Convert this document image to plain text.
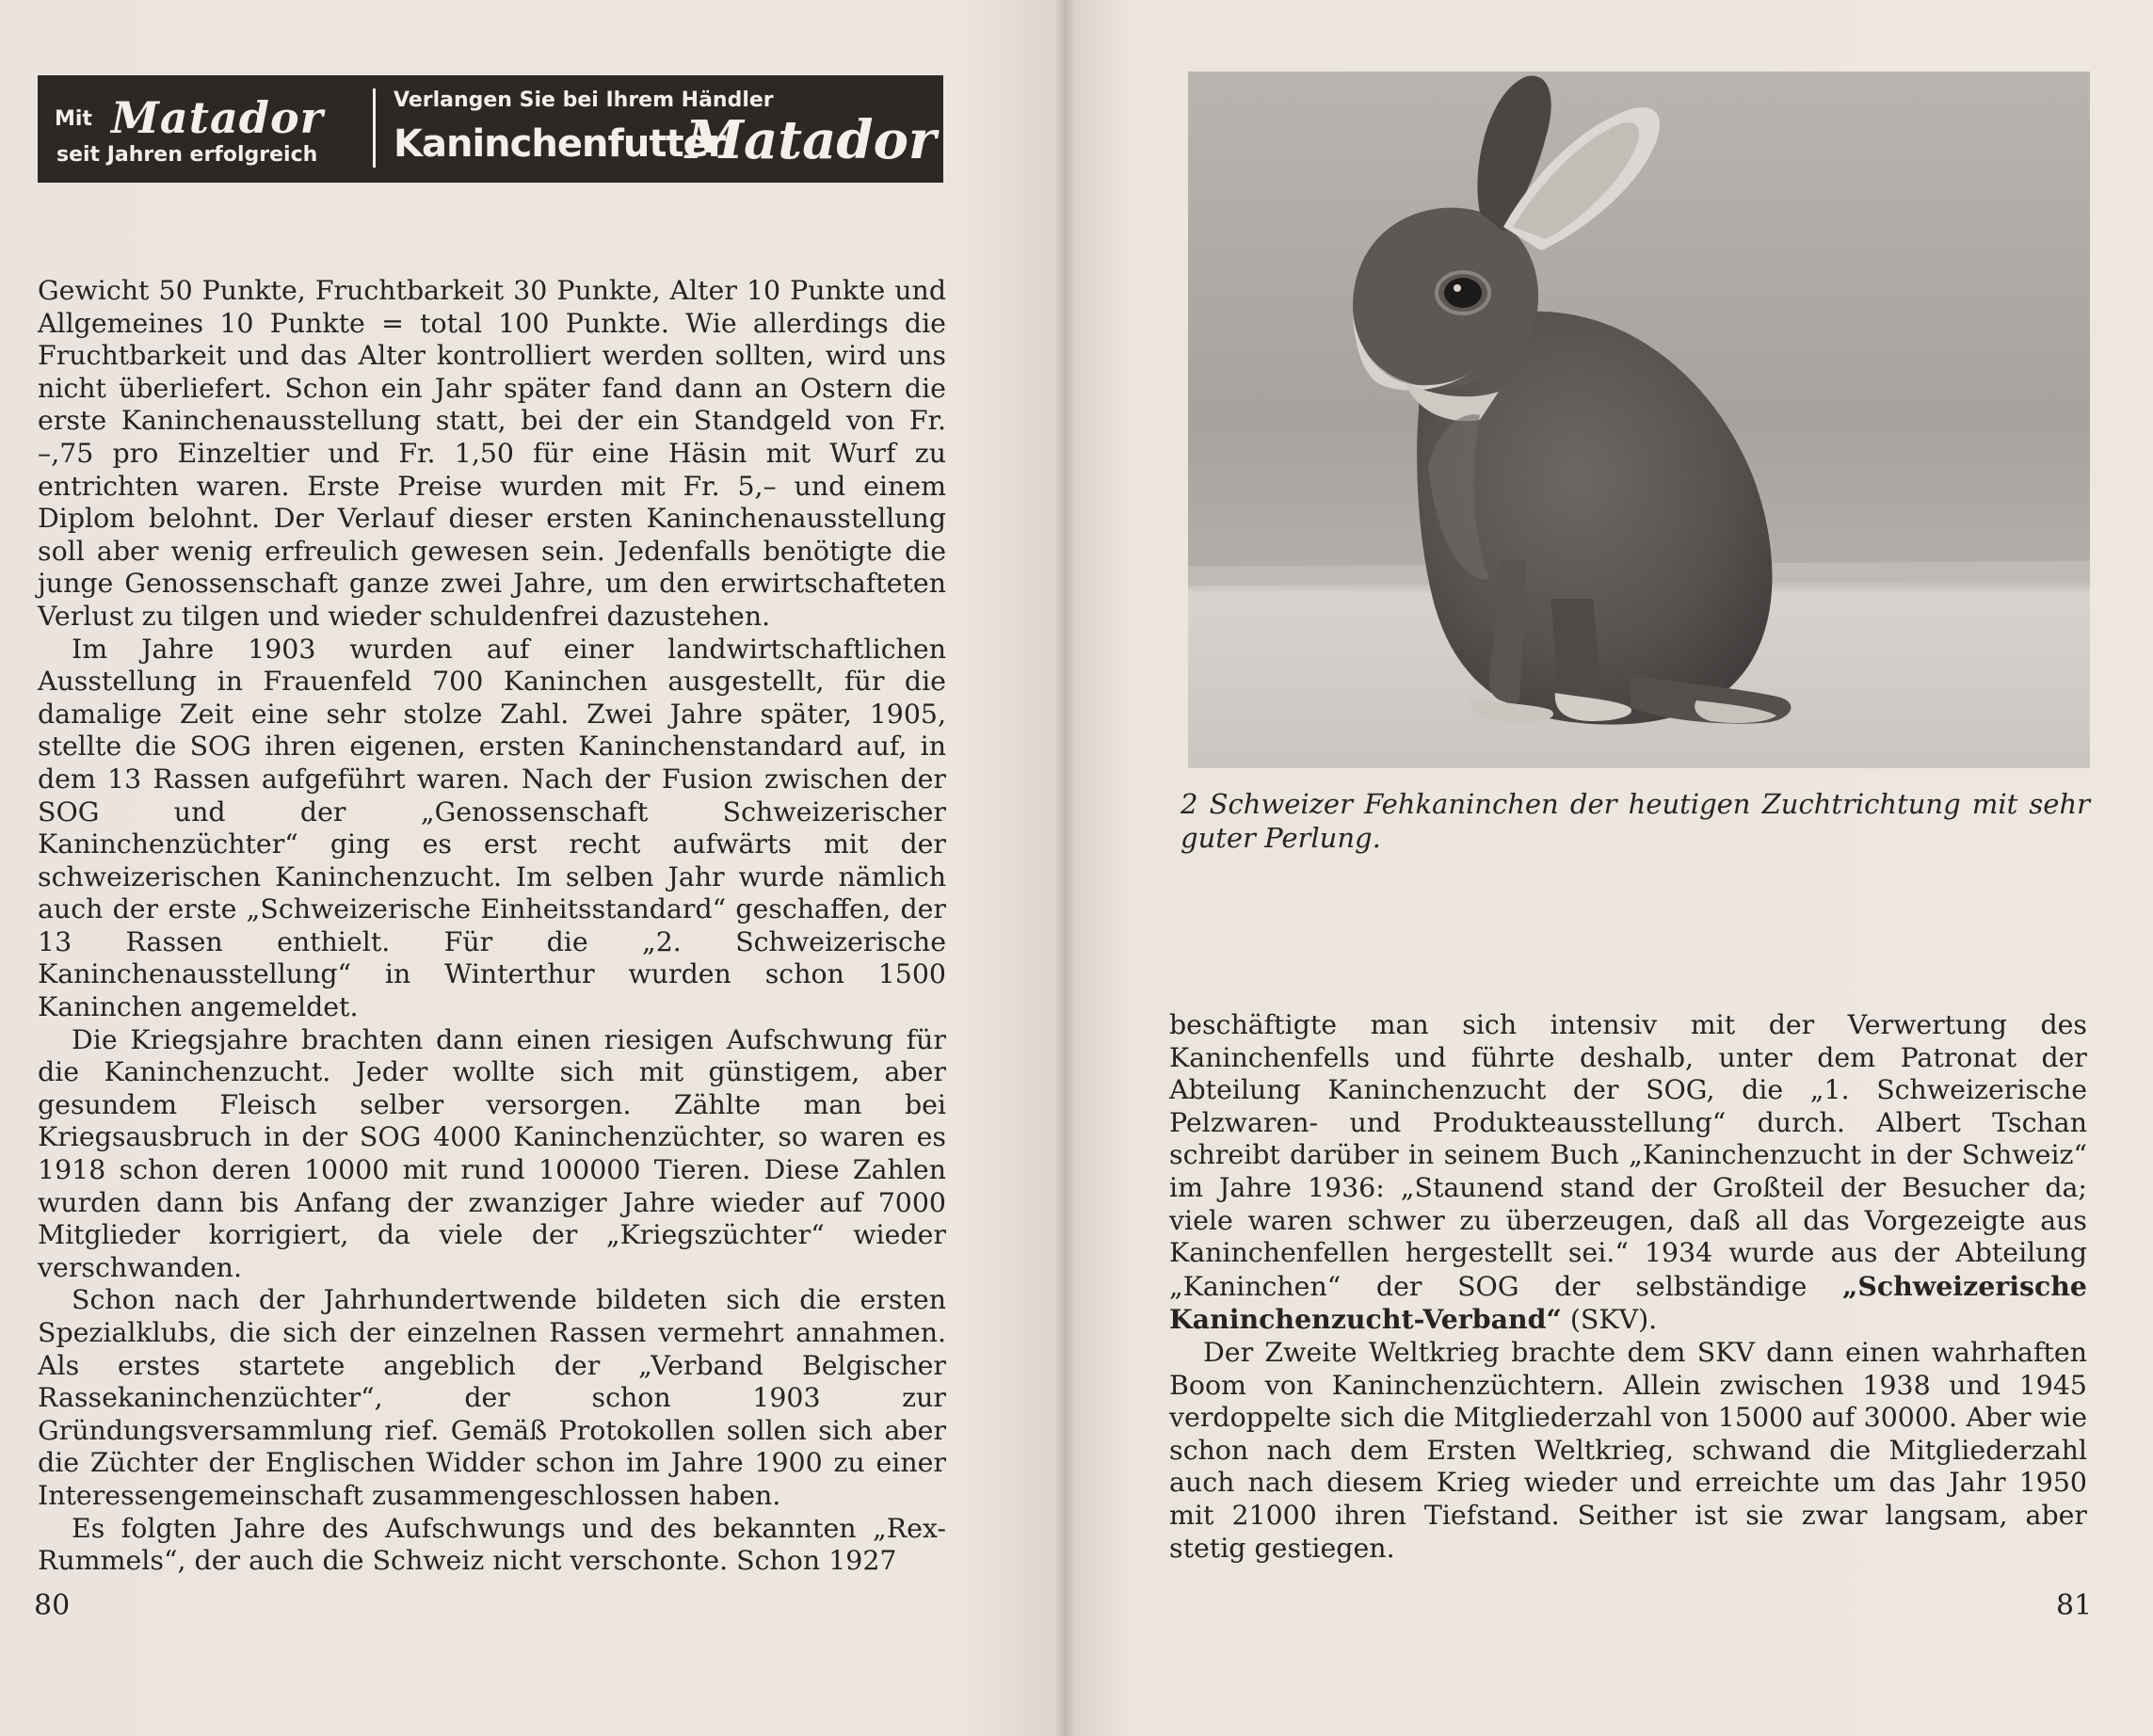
Mit Matador
seit Jahren erfolgreich
Verlangen Sie bei Ihrem Händler
Kaninchenfutter
Matador

Gewicht 50 Punkte, Fruchtbarkeit 30 Punkte, Alter 10 Punkte und Allgemeines 10 Punkte = total 100 Punkte. Wie allerdings die Fruchtbarkeit und das Alter kontrolliert werden sollten, wird uns nicht überliefert. Schon ein Jahr später fand dann an Ostern die erste Kaninchenausstellung statt, bei der ein Standgeld von Fr. –,75 pro Einzeltier und Fr. 1,50 für eine Häsin mit Wurf zu entrichten waren. Erste Preise wurden mit Fr. 5,– und einem Diplom belohnt. Der Verlauf dieser ersten Kaninchenausstellung soll aber wenig erfreulich gewesen sein. Jedenfalls benötigte die junge Genossenschaft ganze zwei Jahre, um den erwirtschafteten Verlust zu tilgen und wieder schuldenfrei dazustehen.

Im Jahre 1903 wurden auf einer landwirtschaftlichen Ausstellung in Frauenfeld 700 Kaninchen ausgestellt, für die damalige Zeit eine sehr stolze Zahl. Zwei Jahre später, 1905, stellte die SOG ihren eigenen, ersten Kaninchenstandard auf, in dem 13 Rassen aufgeführt waren. Nach der Fusion zwischen der SOG und der „Genossenschaft Schweizerischer Kaninchenzüchter“ ging es erst recht aufwärts mit der schweizerischen Kaninchenzucht. Im selben Jahr wurde nämlich auch der erste „Schweizerische Einheitsstandard“ geschaffen, der 13 Rassen enthielt. Für die „2. Schweizerische Kaninchenausstellung“ in Winterthur wurden schon 1500 Kaninchen angemeldet.

Die Kriegsjahre brachten dann einen riesigen Aufschwung für die Kaninchenzucht. Jeder wollte sich mit günstigem, aber gesundem Fleisch selber versorgen. Zählte man bei Kriegsausbruch in der SOG 4000 Kaninchenzüchter, so waren es 1918 schon deren 10000 mit rund 100000 Tieren. Diese Zahlen wurden dann bis Anfang der zwanziger Jahre wieder auf 7000 Mitglieder korrigiert, da viele der „Kriegszüchter“ wieder verschwanden.

Schon nach der Jahrhundertwende bildeten sich die ersten Spezialklubs, die sich der einzelnen Rassen vermehrt annahmen. Als erstes startete angeblich der „Verband Belgischer Rassekaninchenzüchter“, der schon 1903 zur Gründungsversammlung rief. Gemäß Protokollen sollen sich aber die Züchter der Englischen Widder schon im Jahre 1900 zu einer Interessengemeinschaft zusammengeschlossen haben.

Es folgten Jahre des Aufschwungs und des bekannten „Rex-Rummels“, der auch die Schweiz nicht verschonte. Schon 1927

80
2 Schweizer Fehkaninchen der heutigen Zuchtrichtung mit sehr guter Perlung.

beschäftigte man sich intensiv mit der Verwertung des Kaninchenfells und führte deshalb, unter dem Patronat der Abteilung Kaninchenzucht der SOG, die „1. Schweizerische Pelzwaren- und Produkteausstellung“ durch. Albert Tschan schreibt darüber in seinem Buch „Kaninchenzucht in der Schweiz“ im Jahre 1936: „Staunend stand der Großteil der Besucher da; viele waren schwer zu überzeugen, daß all das Vorgezeigte aus Kaninchenfellen hergestellt sei.“ 1934 wurde aus der Abteilung „Kaninchen“ der SOG der selbständige „Schweizerische Kaninchenzucht-Verband“ (SKV).

Der Zweite Weltkrieg brachte dem SKV dann einen wahrhaften Boom von Kaninchenzüchtern. Allein zwischen 1938 und 1945 verdoppelte sich die Mitgliederzahl von 15000 auf 30000. Aber wie schon nach dem Ersten Weltkrieg, schwand die Mitgliederzahl auch nach diesem Krieg wieder und erreichte um das Jahr 1950 mit 21000 ihren Tiefstand. Seither ist sie zwar langsam, aber stetig gestiegen.

81
